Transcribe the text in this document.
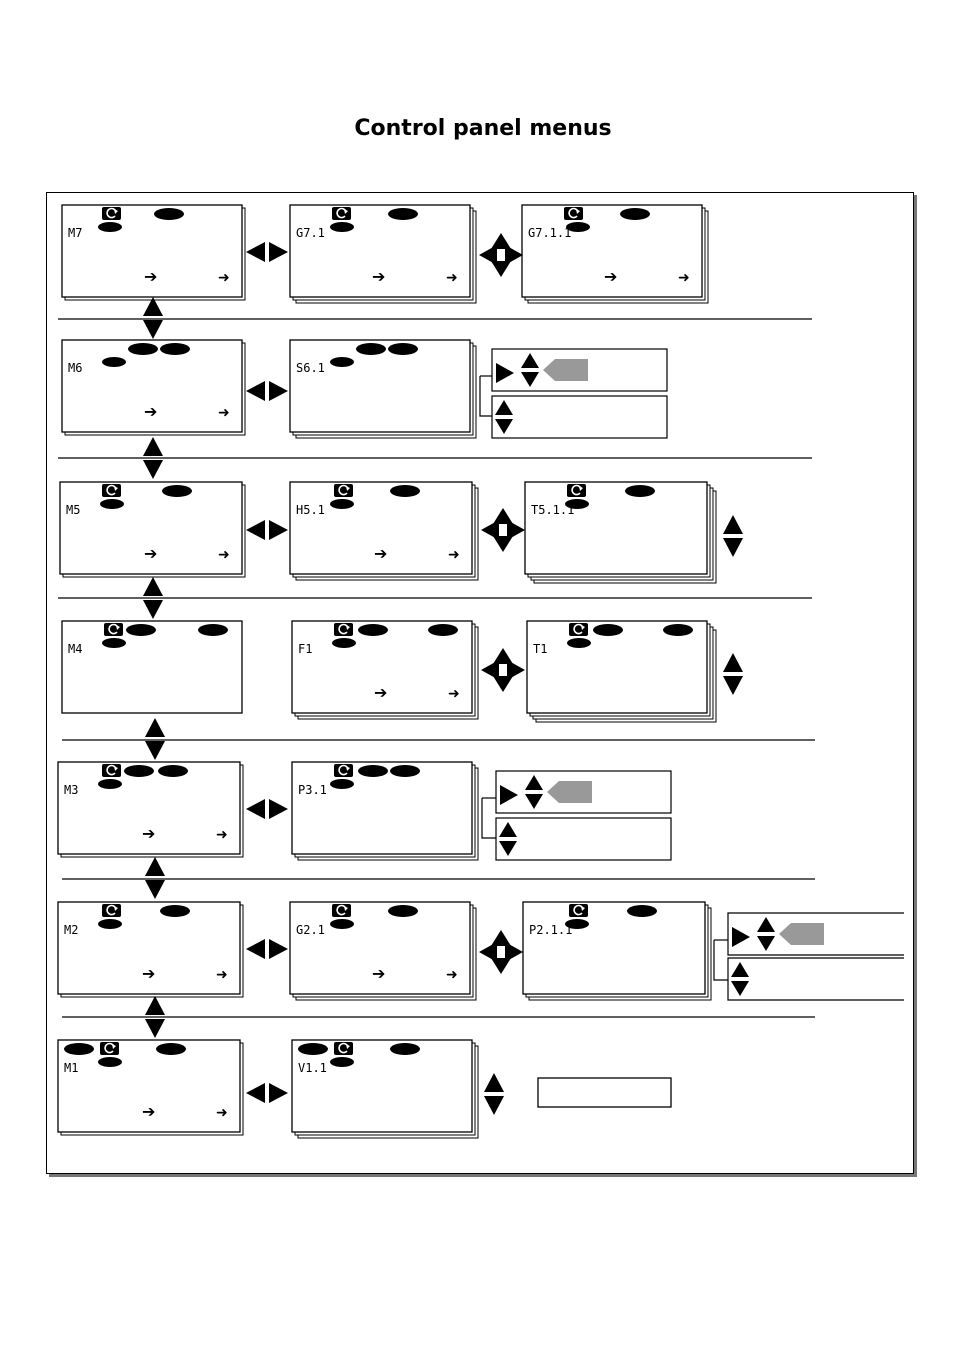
Control panel menus
M7
➔	➜
G7.1
➔	➜
G7.1.1
➔	➜
M6
➔	➜
S6.1
M5
➔	➜
H5.1
➔	➜
T5.1.1
M4	F1
➔	➜
T1
M3
➔	➜
P3.1
M2
➔	➜
G2.1
➔	➜
P2.1.1
M1
➔	➜
V1.1
